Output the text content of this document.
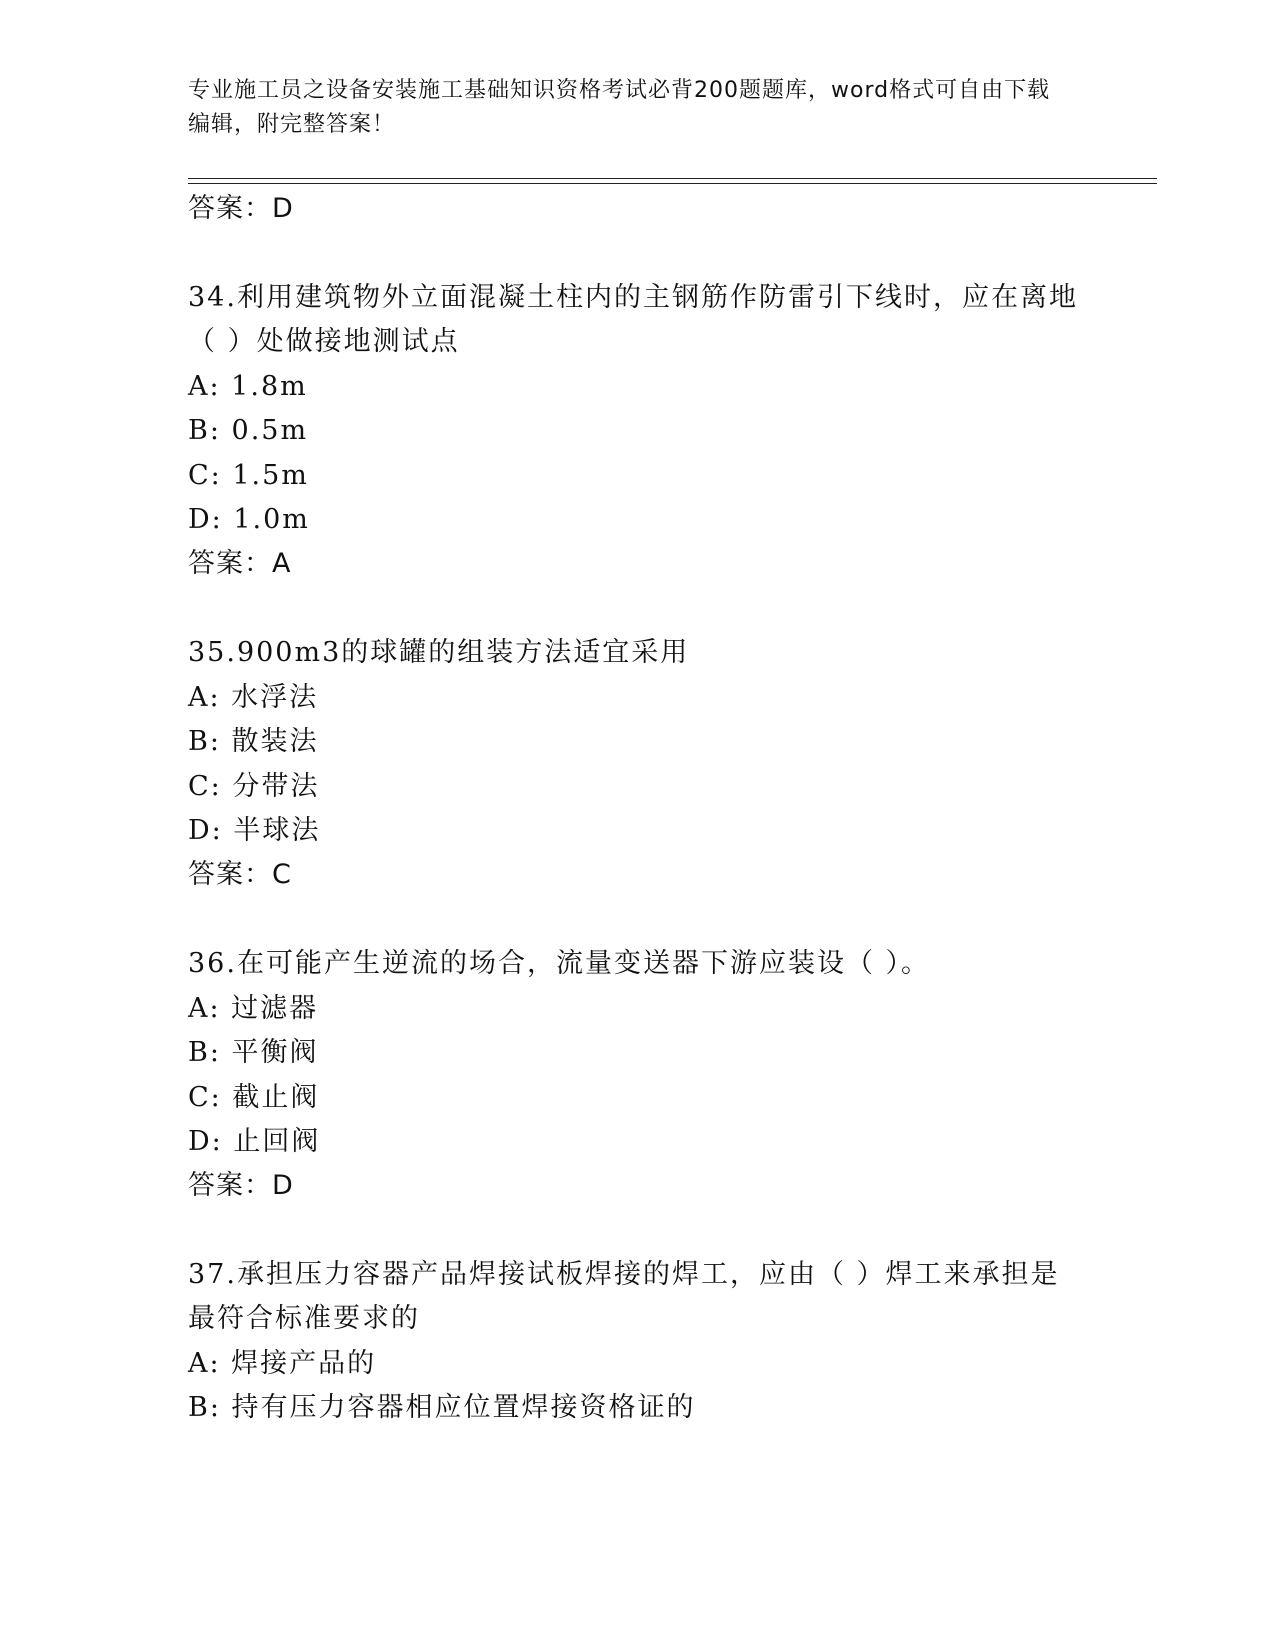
专业施工员之设备安装施工基础知识资格考试必背200题题库，word格式可自由下载编辑，附完整答案！
答案：D
34.利用建筑物外立面混凝土柱内的主钢筋作防雷引下线时，应在离地
（ ）处做接地测试点
A: 1.8m
B: 0.5m
C: 1.5m
D: 1.0m
答案：A
35.900m3的球罐的组装方法适宜采用
A: 水浮法
B: 散装法
C: 分带法
D: 半球法
答案：C
36.在可能产生逆流的场合，流量变送器下游应装设（ ）。
A: 过滤器
B: 平衡阀
C: 截止阀
D: 止回阀
答案：D
37.承担压力容器产品焊接试板焊接的焊工，应由（ ）焊工来承担是
最符合标准要求的
A: 焊接产品的
B: 持有压力容器相应位置焊接资格证的
